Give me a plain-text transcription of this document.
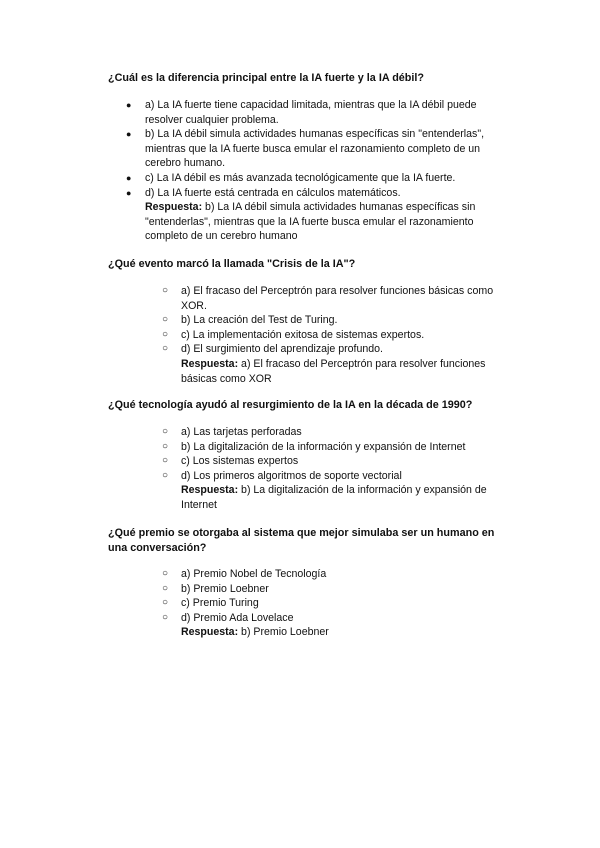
¿Cuál es la diferencia principal entre la IA fuerte y la IA débil?
● a) La IA fuerte tiene capacidad limitada, mientras que la IA débil puede resolver cualquier problema.
● b) La IA débil simula actividades humanas específicas sin "entenderlas", mientras que la IA fuerte busca emular el razonamiento completo de un cerebro humano.
● c) La IA débil es más avanzada tecnológicamente que la IA fuerte.
● d) La IA fuerte está centrada en cálculos matemáticos.
Respuesta: b) La IA débil simula actividades humanas específicas sin "entenderlas", mientras que la IA fuerte busca emular el razonamiento completo de un cerebro humano
¿Qué evento marcó la llamada "Crisis de la IA"?
○ a) El fracaso del Perceptrón para resolver funciones básicas como XOR.
○ b) La creación del Test de Turing.
○ c) La implementación exitosa de sistemas expertos.
○ d) El surgimiento del aprendizaje profundo.
Respuesta: a) El fracaso del Perceptrón para resolver funciones básicas como XOR
¿Qué tecnología ayudó al resurgimiento de la IA en la década de 1990?
○ a) Las tarjetas perforadas
○ b) La digitalización de la información y expansión de Internet
○ c) Los sistemas expertos
○ d) Los primeros algoritmos de soporte vectorial
Respuesta: b) La digitalización de la información y expansión de Internet
¿Qué premio se otorgaba al sistema que mejor simulaba ser un humano en una conversación?
○ a) Premio Nobel de Tecnología
○ b) Premio Loebner
○ c) Premio Turing
○ d) Premio Ada Lovelace
Respuesta: b) Premio Loebner
